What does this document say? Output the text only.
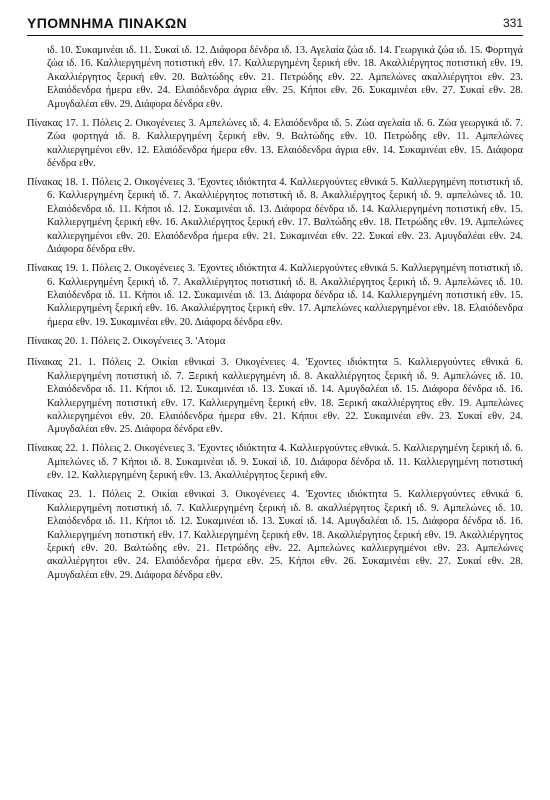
ΥΠΟΜΝΗΜΑ ΠΙΝΑΚΩΝ	331

ιδ. 10. Συκαμινέαι ιδ. 11. Συκαί ιδ. 12. Διάφορα δένδρα ιδ. 13. Αγελαία ζώα ιδ. 14. Γεωργικά ζώα ιδ. 15. Φορτηγά ζώα ιδ. 16. Καλλιεργημένη ποτιστική εθν. 17. Καλλιεργημένη ξερική εθν. 18. Ακαλλιέργητος ποτιστική εθν. 19. Ακαλλιέργητος ξερική εθν. 20. Βαλτώδης εθν. 21. Πετρώδης εθν. 22. Αμπελώνες ακαλλιέργητοι εθν. 23. Ελαιόδενδρα ήμερα εθν. 24. Ελαιόδενδρα άγρια εθν. 25. Κήποι εθν. 26. Συκαμινέαι εθν. 27. Συκαί εθν. 28. Αμυγδαλέαι εθν. 29. Διάφορα δένδρα εθν.

Πίνακας 17. 1. Πόλεις 2. Οικογένειες 3. Αμπελώνες ιδ. 4. Ελαιόδενδρα ιδ. 5. Ζώα αγελαία ιδ. 6. Ζώα γεωργικά ιδ. 7. Ζώα φορτηγά ιδ. 8. Καλλιεργημένη ξερική εθν. 9. Βαλτώδης εθν. 10. Πετρώδης εθν. 11. Αμπελώνες καλλιεργημένοι εθν. 12. Ελαιόδενδρα ήμερα εθν. 13. Ελαιόδενδρα άγρια εθν. 14. Συκαμινέαι εθν. 15. Διάφορα δένδρα εθν.

Πίνακας 18. 1. Πόλεις 2. Οικογένειες 3. 'Εχοντες ιδιόκτητα 4. Καλλιεργούντες εθνικά 5. Καλλιεργημένη ποτιστική ιδ. 6. Καλλιεργημένη ξερική ιδ. 7. Ακαλλιέργητος ποτιστική ιδ. 8. Ακαλλιέργητος ξερική ιδ. 9. αμπελώνες ιδ. 10. Ελαιόδενδρα ιδ. 11. Κήποι ιδ. 12. Συκαμινέαι ιδ. 13. Διάφορα δένδρα ιδ. 14. Καλλιεργημένη ποτιστική εθν. 15. Καλλιεργημένη ξερική εθν. 16. Ακαλλιέργητος ξερική εθν. 17. Βαλτώδης εθν. 18. Πετρώδης εθν. 19. Αμπελώνες καλλιεργημένοι εθν. 20. Ελαιόδενδρα ήμερα εθν. 21. Συκαμινέαι εθν. 22. Συκαί εθν. 23. Αμυγδαλέαι εθν. 24. Διάφορα δένδρα εθν.

Πίνακας 19. 1. Πόλεις 2. Οικογένειες 3. 'Εχοντες ιδιόκτητα 4. Καλλιεργούντες εθνικά 5. Καλλιεργημένη ποτιστική ιδ. 6. Καλλιεργημένη ξερική ιδ. 7. Ακαλλιέργητος ποτιστική ιδ. 8. Ακαλλιέργητος ξερική ιδ. 9. Αμπελώνες ιδ. 10. Ελαιόδενδρα ιδ. 11. Κήποι ιδ. 12. Συκαμινέαι ιδ. 13. Διάφορα δένδρα ιδ. 14. Καλλιεργημένη ποτιστική εθν. 15. Καλλιεργημένη ξερική εθν. 16. Ακαλλιέργητος ξερική εθν. 17. Αμπελώνες καλλιεργημένοι εθν. 18. Ελαιόδενδρα ήμερα εθν. 19. Συκαμινέαι εθν. 20. Διάφορα δένδρα εθν.

Πίνακας 20. 1. Πόλεις 2. Οικογένειες 3. 'Ατομα

Πίνακας 21. 1. Πόλεις 2. Οικίαι εθνικαί 3. Οικογένειες 4. 'Εχοντες ιδιόκτητα 5. Καλλιεργούντες εθνικά 6. Καλλιεργημένη ποτιστική ιδ. 7. Ξερική καλλιεργημένη ιδ. 8. Ακαλλιέργητος ξερική ιδ. 9. Αμπελώνες ιδ. 10. Ελαιόδενδρα ιδ. 11. Κήποι ιδ. 12. Συκαμινέαι ιδ. 13. Συκαί ιδ. 14. Αμυγδαλέαι ιδ. 15. Διάφορα δένδρα ιδ. 16. Καλλιεργημένη ποτιστική εθν. 17. Καλλιεργημένη ξερική εθν. 18. Ξερική ακαλλιέργητος εθν. 19. Αμπελώνες καλλιεργημένοι εθν. 20. Ελαιόδενδρα ήμερα εθν. 21. Κήποι εθν. 22. Συκαμινέαι εθν. 23. Συκαί εθν. 24. Αμυγδαλέαι εθν. 25. Διάφορα δένδρα εθν.

Πίνακας 22. 1. Πόλεις 2. Οικογένειες 3. 'Εχοντες ιδιόκτητα 4. Καλλιεργούντες εθνικά. 5. Καλλιεργημένη ξερική ιδ. 6. Αμπελώνες ιδ. 7 Κήποι ιδ. 8. Συκαμινέαι ιδ. 9. Συκαί ιδ. 10. Διάφορα δένδρα ιδ. 11. Καλλιεργημένη ποτιστική εθν. 12. Καλλιεργημένη ξερική εθν. 13. Ακαλλιέργητος ξερική εθν.

Πίνακας 23. 1. Πόλεις 2. Οικίαι εθνικαί 3. Οικογένειες 4. 'Εχοντες ιδιόκτητα 5. Καλλιεργούντες εθνικά 6. Καλλιεργημένη ποτιστική ιδ. 7. Καλλιεργημένη ξερική ιδ. 8. ακαλλιέργητος ξερική ιδ. 9. Αμπελώνες ιδ. 10. Ελαιόδενδρα ιδ. 11. Κήποι ιδ. 12. Συκαμινέαι ιδ. 13. Συκαί ιδ. 14. Αμυγδαλέαι ιδ. 15. Διάφορα δένδρα ιδ. 16. Καλλιεργημένη ποτιστική εθν. 17. Καλλιεργημένη ξερική εθν. 18. Ακαλλιέργητος ξερική εθν. 19. Ακαλλιέργητος ξερική εθν. 20. Βαλτώδης εθν. 21. Πετρώδης εθν. 22. Αμπελώνες καλλιεργημένοι εθν. 23. Αμπελώνες ακαλλιέργητοι εθν. 24. Ελαιόδενδρα ήμερα εθν. 25. Κήποι εθν. 26. Συκαμινέαι εθν. 27. Συκαί εθν. 28. Αμυγδαλέαι εθν. 29. Διάφορα δένδρα εθν.
